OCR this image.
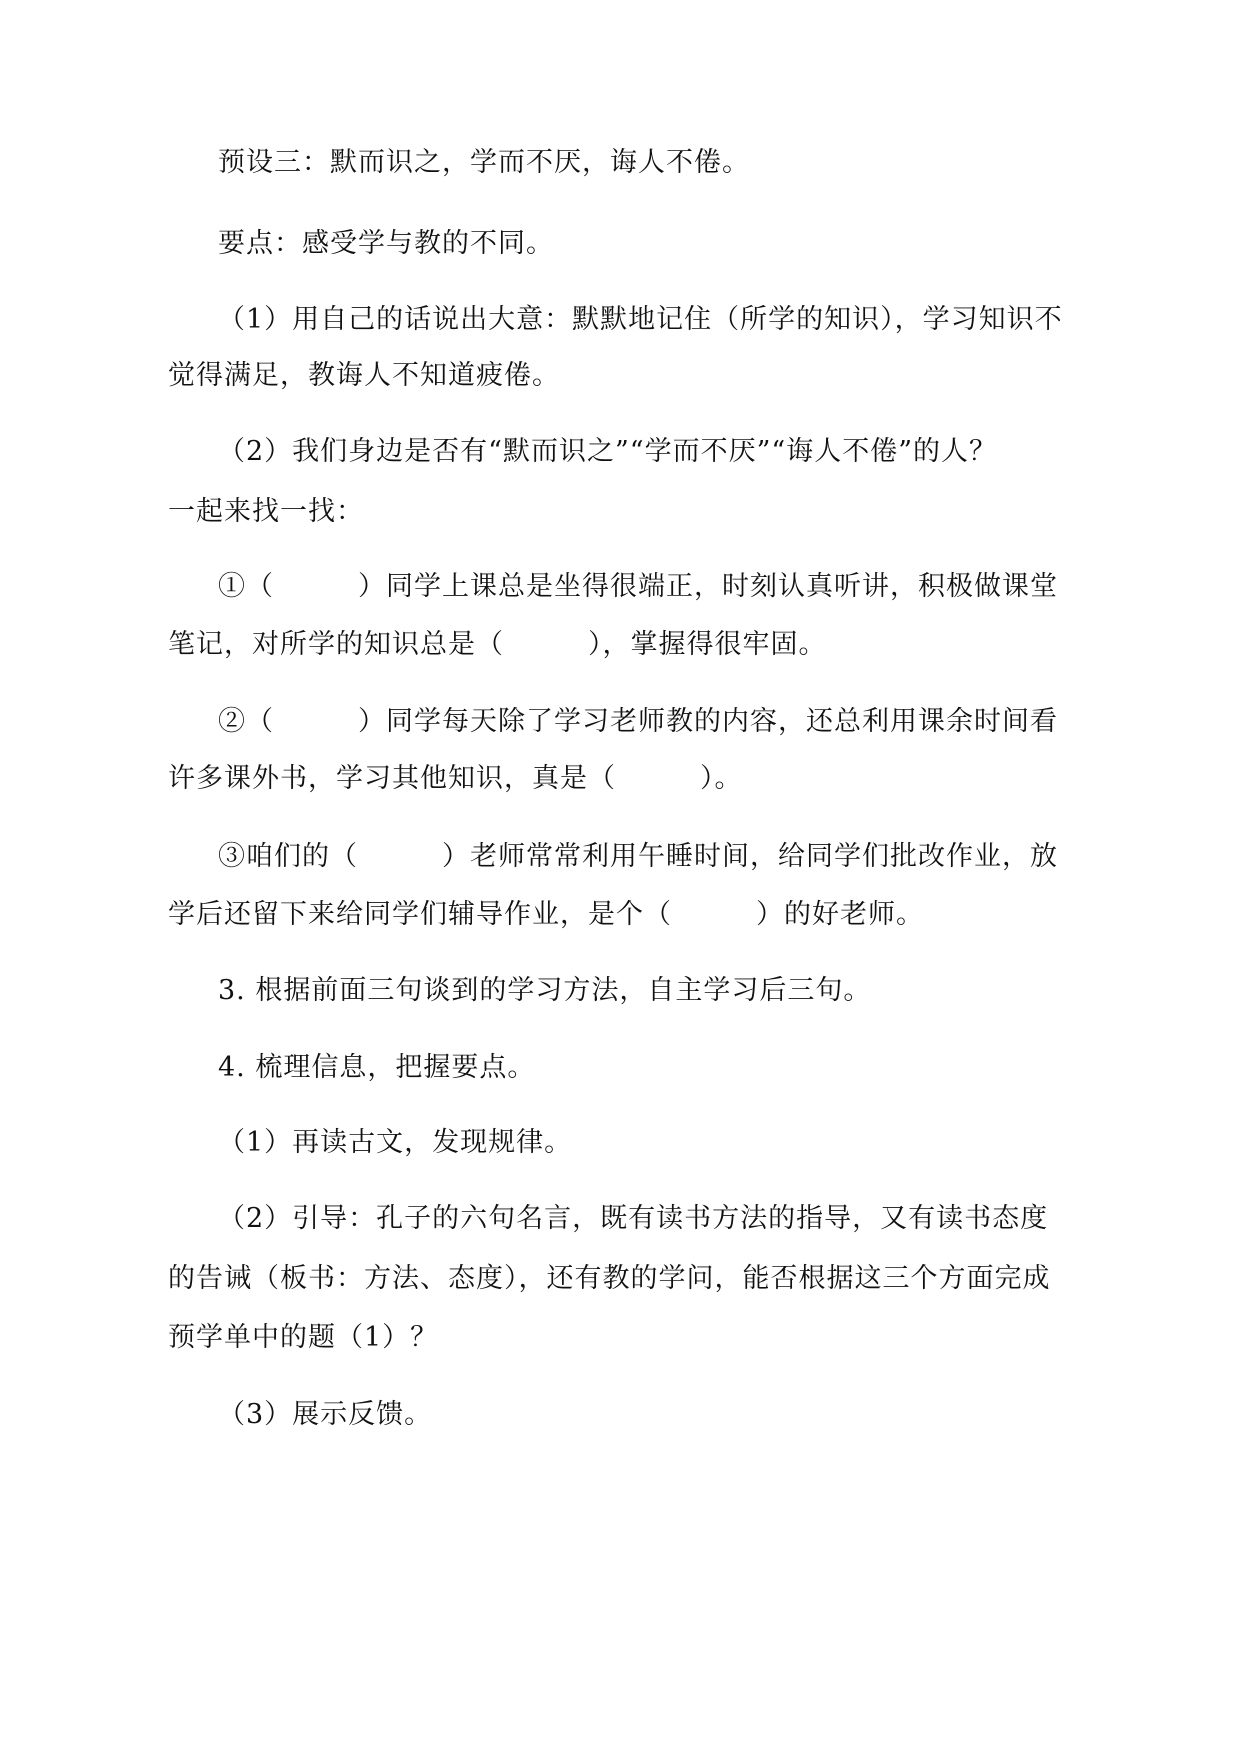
预设三：默而识之，学而不厌，诲人不倦。
要点：感受学与教的不同。
（1）用自己的话说出大意：默默地记住（所学的知识），学习知识不
觉得满足，教诲人不知道疲倦。
（2）我们身边是否有“默而识之”“学而不厌”“诲人不倦”的人？
一起来找一找：
①（　　　）同学上课总是坐得很端正，时刻认真听讲，积极做课堂
笔记，对所学的知识总是（　　　），掌握得很牢固。
②（　　　）同学每天除了学习老师教的内容，还总利用课余时间看
许多课外书，学习其他知识，真是（　　　）。
③咱们的（　　　）老师常常利用午睡时间，给同学们批改作业，放
学后还留下来给同学们辅导作业，是个（　　　）的好老师。
3. 根据前面三句谈到的学习方法，自主学习后三句。
4. 梳理信息，把握要点。
（1）再读古文，发现规律。
（2）引导：孔子的六句名言，既有读书方法的指导，又有读书态度
的告诫（板书：方法、态度），还有教的学问，能否根据这三个方面完成
预学单中的题（1）？
（3）展示反馈。
